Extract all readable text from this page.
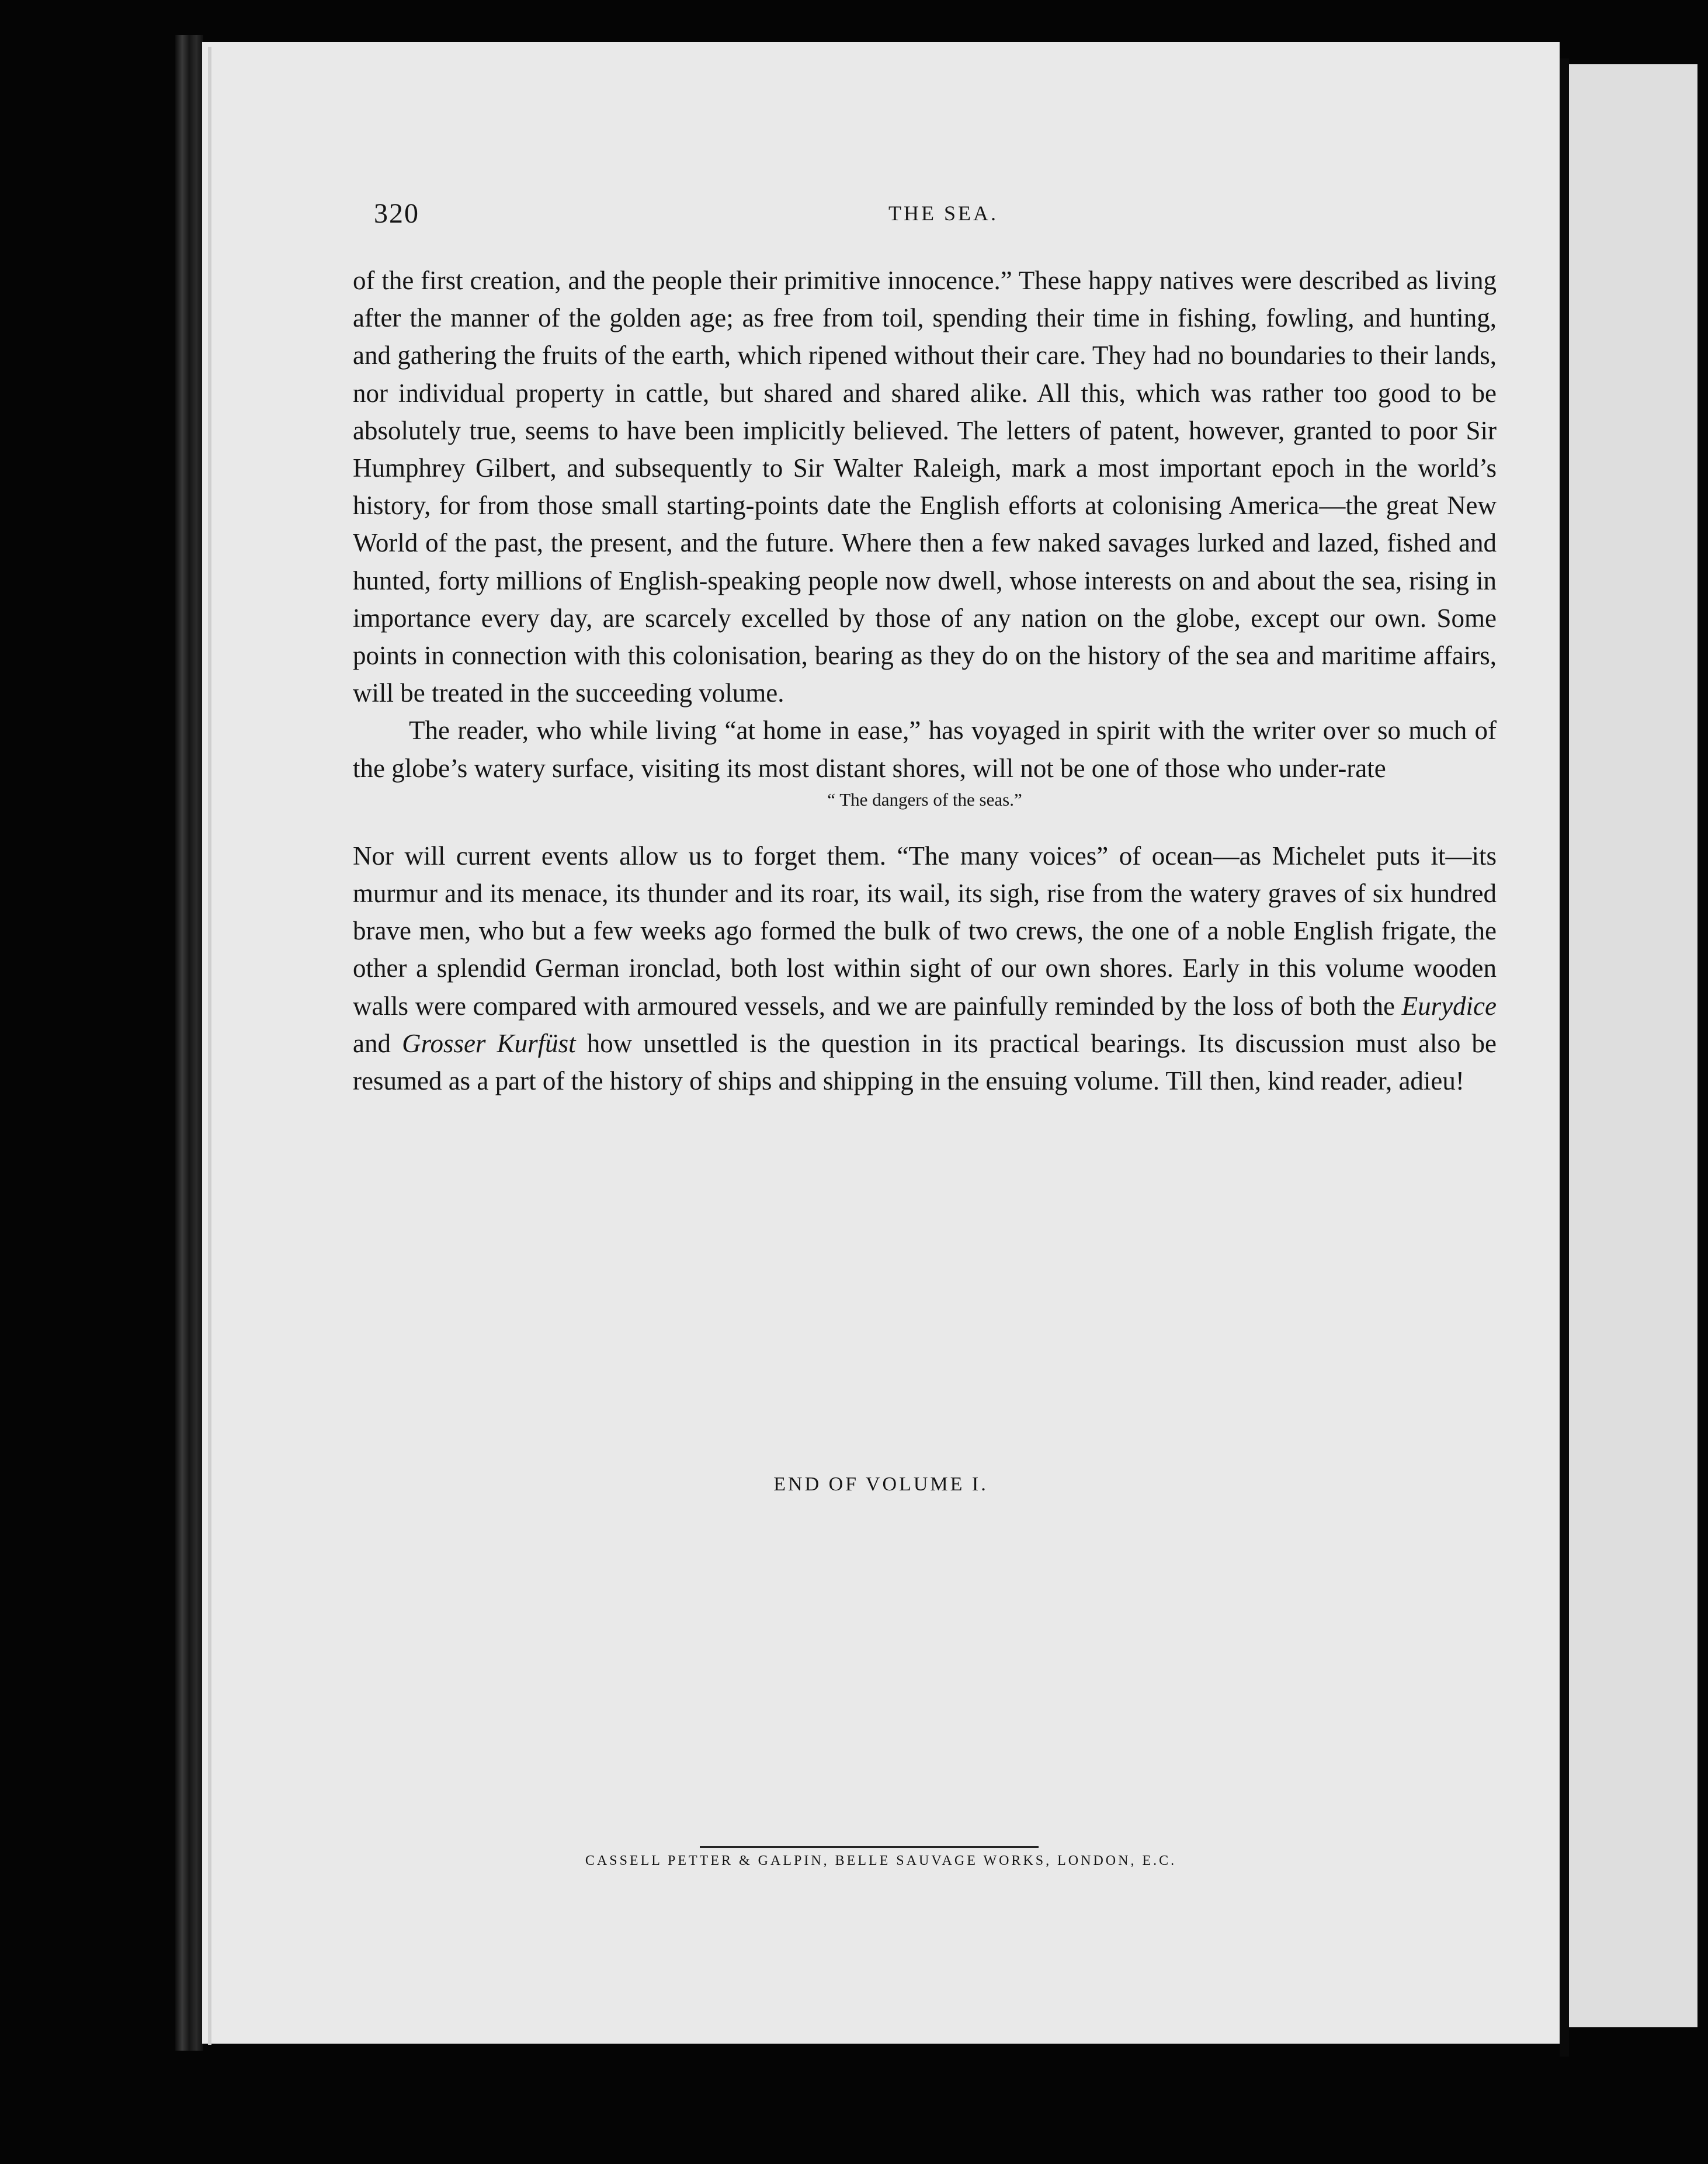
320	THE SEA.

of the first creation, and the people their primitive innocence.” These happy natives were described as living after the manner of the golden age; as free from toil, spending their time in fishing, fowling, and hunting, and gathering the fruits of the earth, which ripened without their care. They had no boundaries to their lands, nor individual property in cattle, but shared and shared alike. All this, which was rather too good to be absolutely true, seems to have been implicitly believed. The letters of patent, however, granted to poor Sir Humphrey Gilbert, and subsequently to Sir Walter Raleigh, mark a most important epoch in the world’s history, for from those small starting-points date the English efforts at colonising America—the great New World of the past, the present, and the future. Where then a few naked savages lurked and lazed, fished and hunted, forty millions of English-speaking people now dwell, whose interests on and about the sea, rising in importance every day, are scarcely excelled by those of any nation on the globe, except our own. Some points in connection with this colonisation, bearing as they do on the history of the sea and maritime affairs, will be treated in the succeeding volume.

The reader, who while living “at home in ease,” has voyaged in spirit with the writer over so much of the globe’s watery surface, visiting its most distant shores, will not be one of those who under-rate

“ The dangers of the seas.”

Nor will current events allow us to forget them. “The many voices” of ocean—as Michelet puts it—its murmur and its menace, its thunder and its roar, its wail, its sigh, rise from the watery graves of six hundred brave men, who but a few weeks ago formed the bulk of two crews, the one of a noble English frigate, the other a splendid German ironclad, both lost within sight of our own shores. Early in this volume wooden walls were compared with armoured vessels, and we are painfully reminded by the loss of both the Eurydice and Grosser Kurfüst how unsettled is the question in its practical bearings. Its discussion must also be resumed as a part of the history of ships and shipping in the ensuing volume. Till then, kind reader, adieu!

END OF VOLUME I.
CASSELL PETTER & GALPIN, BELLE SAUVAGE WORKS, LONDON, E.C.
